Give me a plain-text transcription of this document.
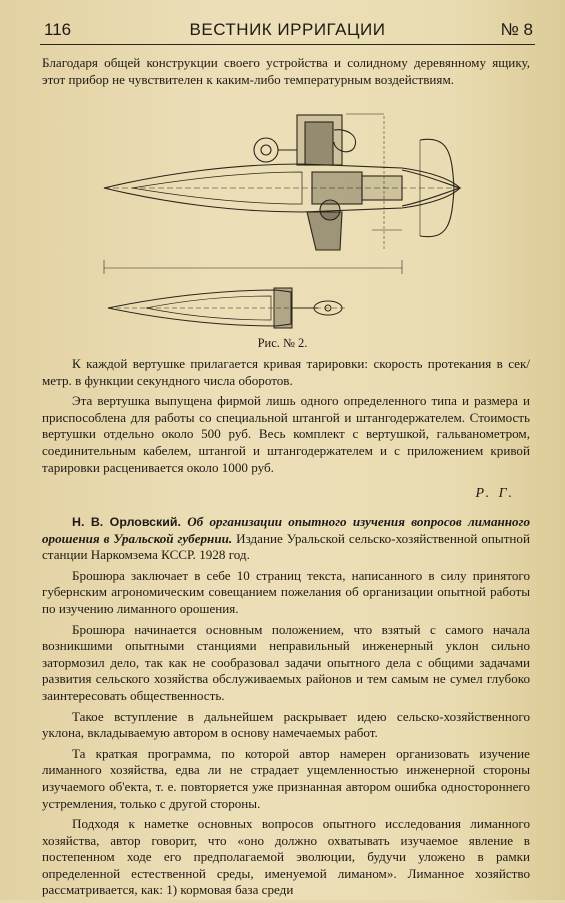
116	ВЕСТНИК ИРРИГАЦИИ	№ 8
Благодаря общей конструкции своего устройства и солидному деревянному ящику, этот прибор не чувствителен к каким-либо температурным воздействиям.
Рис. № 2.

К каждой вертушке прилагается кривая тарировки: скорость протекания в сек/метр. в функции секундного числа оборотов.

Эта вертушка выпущена фирмой лишь одного определенного типа и размера и приспособлена для работы со специальной штангой и штангодержателем. Стоимость вертушки отдельно около 500 руб. Весь комплект с вертушкой, гальванометром, соединительным кабелем, штангой и штангодержателем и с приложением кривой тарировки расценивается около 1000 руб.

Р. Г.

Н. В. Орловский. Об организации опытного изучения вопросов лиманного орошения в Уральской губернии. Издание Уральской сельско-хозяйственной опытной станции Наркомзема КССР. 1928 год.

Брошюра заключает в себе 10 страниц текста, написанного в силу принятого губернским агрономическим совещанием пожелания об организации опытной работы по изучению лиманного орошения.

Брошюра начинается основным положением, что взятый с самого начала возникшими опытными станциями неправильный инженерный уклон сильно затормозил дело, так как не сообразовал задачи опытного дела с общими задачами развития сельского хозяйства обслуживаемых районов и тем самым не сумел глубоко заинтересовать общественность.

Такое вступление в дальнейшем раскрывает идею сельско-хозяйственного уклона, вкладываемую автором в основу намечаемых работ.

Та краткая программа, по которой автор намерен организовать изучение лиманного хозяйства, едва ли не страдает ущемленностью инженерной стороны изучаемого об'екта, т. е. повторяется уже признанная автором ошибка одностороннего устремления, только с другой стороны.

Подходя к наметке основных вопросов опытного исследования лиманного хозяйства, автор говорит, что «оно должно охватывать изучаемое явление в постепенном ходе его предполагаемой эволюции, будучи уложено в рамки определенной естественной среды, именуемой лиманом». Лиманное хозяйство рассматривается, как: 1) кормовая база среди
